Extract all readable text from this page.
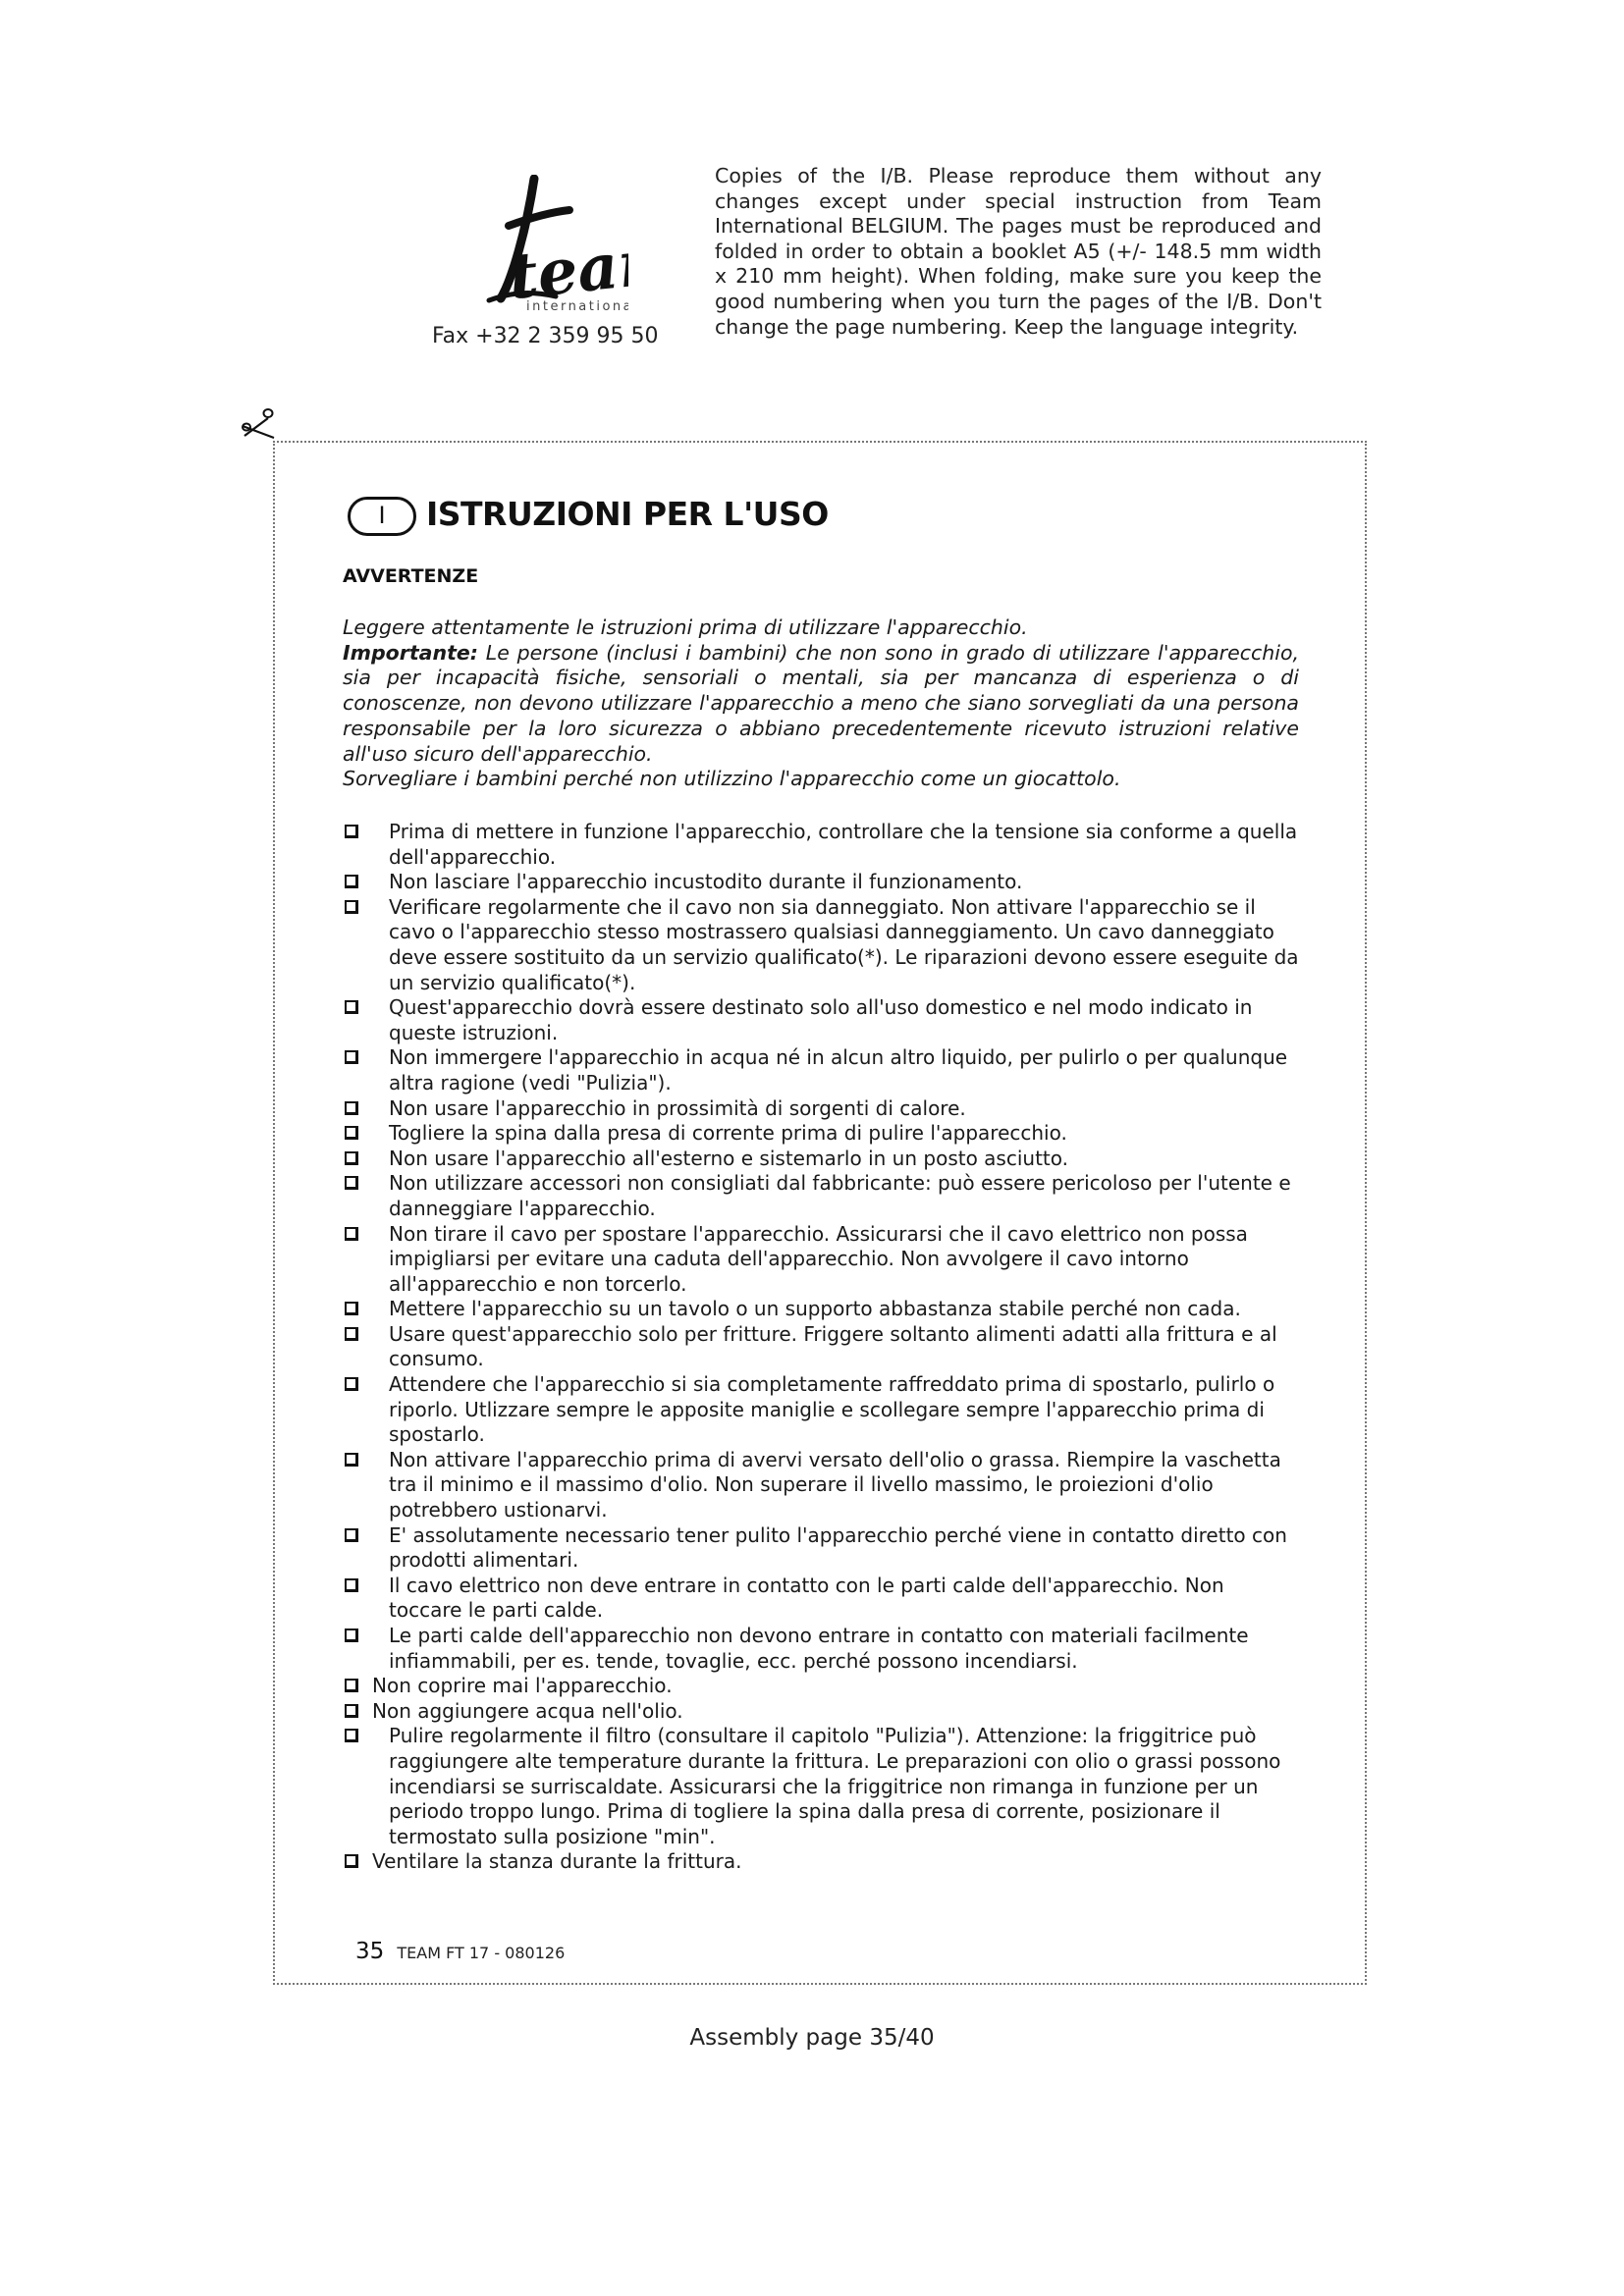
team
international
Fax +32 2 359 95 50
Copies of the I/B. Please reproduce them without any changes except under special instruction from Team International BELGIUM. The pages must be reproduced and folded in order to obtain a booklet A5 (+/- 148.5 mm width x 210 mm height). When folding, make sure you keep the good numbering when you turn the pages of the I/B. Don't change the page numbering. Keep the language integrity.
I	ISTRUZIONI PER L'USO
AVVERTENZE

Leggere attentamente le istruzioni prima di utilizzare l'apparecchio.

Importante: Le persone (inclusi i bambini) che non sono in grado di utilizzare l'apparecchio, sia per incapacità fisiche, sensoriali o mentali, sia per mancanza di esperienza o di conoscenze, non devono utilizzare l'apparecchio a meno che siano sorvegliati da una persona responsabile per la loro sicurezza o abbiano precedentemente ricevuto istruzioni relative all'uso sicuro dell'apparecchio.

Sorvegliare i bambini perché non utilizzino l'apparecchio come un giocattolo.

Prima di mettere in funzione l'apparecchio, controllare che la tensione sia conforme a quella dell'apparecchio.
Non lasciare l'apparecchio incustodito durante il funzionamento.
Verificare regolarmente che il cavo non sia danneggiato. Non attivare l'apparecchio se il cavo o l'apparecchio stesso mostrassero qualsiasi danneggiamento. Un cavo danneggiato deve essere sostituito da un servizio qualificato(*). Le riparazioni devono essere eseguite da un servizio qualificato(*).
Quest'apparecchio dovrà essere destinato solo all'uso domestico e nel modo indicato in queste istruzioni.
Non immergere l'apparecchio in acqua né in alcun altro liquido, per pulirlo o per qualunque altra ragione (vedi "Pulizia").
Non usare l'apparecchio in prossimità di sorgenti di calore.
Togliere la spina dalla presa di corrente prima di pulire l'apparecchio.
Non usare l'apparecchio all'esterno e sistemarlo in un posto asciutto.
Non utilizzare accessori non consigliati dal fabbricante: può essere pericoloso per l'utente e danneggiare l'apparecchio.
Non tirare il cavo per spostare l'apparecchio. Assicurarsi che il cavo elettrico non possa impigliarsi per evitare una caduta dell'apparecchio. Non avvolgere il cavo intorno all'apparecchio e non torcerlo.
Mettere l'apparecchio su un tavolo o un supporto abbastanza stabile perché non cada.
Usare quest'apparecchio solo per fritture. Friggere soltanto alimenti adatti alla frittura e al consumo.
Attendere che l'apparecchio si sia completamente raffreddato prima di spostarlo, pulirlo o riporlo. Utlizzare sempre le apposite maniglie e scollegare sempre l'apparecchio prima di spostarlo.
Non attivare l'apparecchio prima di avervi versato dell'olio o grassa. Riempire la vaschetta tra il minimo e il massimo d'olio. Non superare il livello massimo, le proiezioni d'olio potrebbero ustionarvi.
E' assolutamente necessario tener pulito l'apparecchio perché viene in contatto diretto con prodotti alimentari.
Il cavo elettrico non deve entrare in contatto con le parti calde dell'apparecchio. Non toccare le parti calde.
Le parti calde dell'apparecchio non devono entrare in contatto con materiali facilmente infiammabili, per es. tende, tovaglie, ecc. perché possono incendiarsi.
Non coprire mai l'apparecchio.
Non aggiungere acqua nell'olio.
Pulire regolarmente il filtro (consultare il capitolo "Pulizia"). Attenzione: la friggitrice può raggiungere alte temperature durante la frittura. Le preparazioni con olio o grassi possono incendiarsi se surriscaldate. Assicurarsi che la friggitrice non rimanga in funzione per un periodo troppo lungo. Prima di togliere la spina dalla presa di corrente, posizionare il termostato sulla posizione "min".
Ventilare la stanza durante la frittura.
35 TEAM FT 17 - 080126
Assembly page 35/40
